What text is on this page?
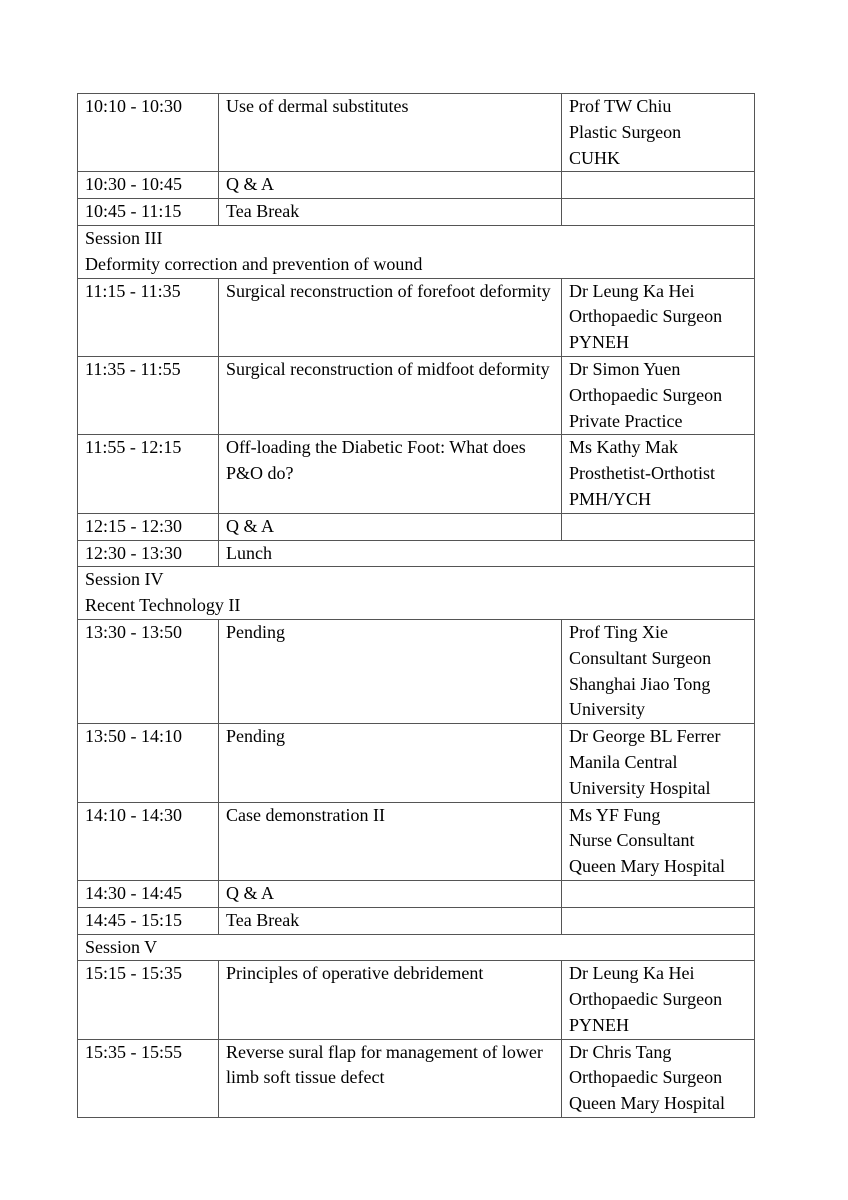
10:10 - 10:30	Use of dermal substitutes	Prof TW Chiu
Plastic Surgeon
CUHK
10:30 - 10:45	Q & A	
10:45 - 11:15	Tea Break	
Session III
Deformity correction and prevention of wound		
11:15 - 11:35	Surgical reconstruction of forefoot deformity	Dr Leung Ka Hei
Orthopaedic Surgeon
PYNEH
11:35 - 11:55	Surgical reconstruction of midfoot deformity	Dr Simon Yuen
Orthopaedic Surgeon
Private Practice
11:55 - 12:15	Off-loading the Diabetic Foot: What does P&O do?	Ms Kathy Mak
Prosthetist-Orthotist
PMH/YCH
12:15 - 12:30	Q & A	
12:30 - 13:30	Lunch	
Session IV
Recent Technology II		
13:30 - 13:50	Pending	Prof Ting Xie
Consultant Surgeon
Shanghai Jiao Tong
University
13:50 - 14:10	Pending	Dr George BL Ferrer
Manila Central
University Hospital
14:10 - 14:30	Case demonstration II	Ms YF Fung
Nurse Consultant
Queen Mary Hospital
14:30 - 14:45	Q & A	
14:45 - 15:15	Tea Break	
Session V		
15:15 - 15:35	Principles of operative debridement	Dr Leung Ka Hei
Orthopaedic Surgeon
PYNEH
15:35 - 15:55	Reverse sural flap for management of lower limb soft tissue defect	Dr Chris Tang
Orthopaedic Surgeon
Queen Mary Hospital
